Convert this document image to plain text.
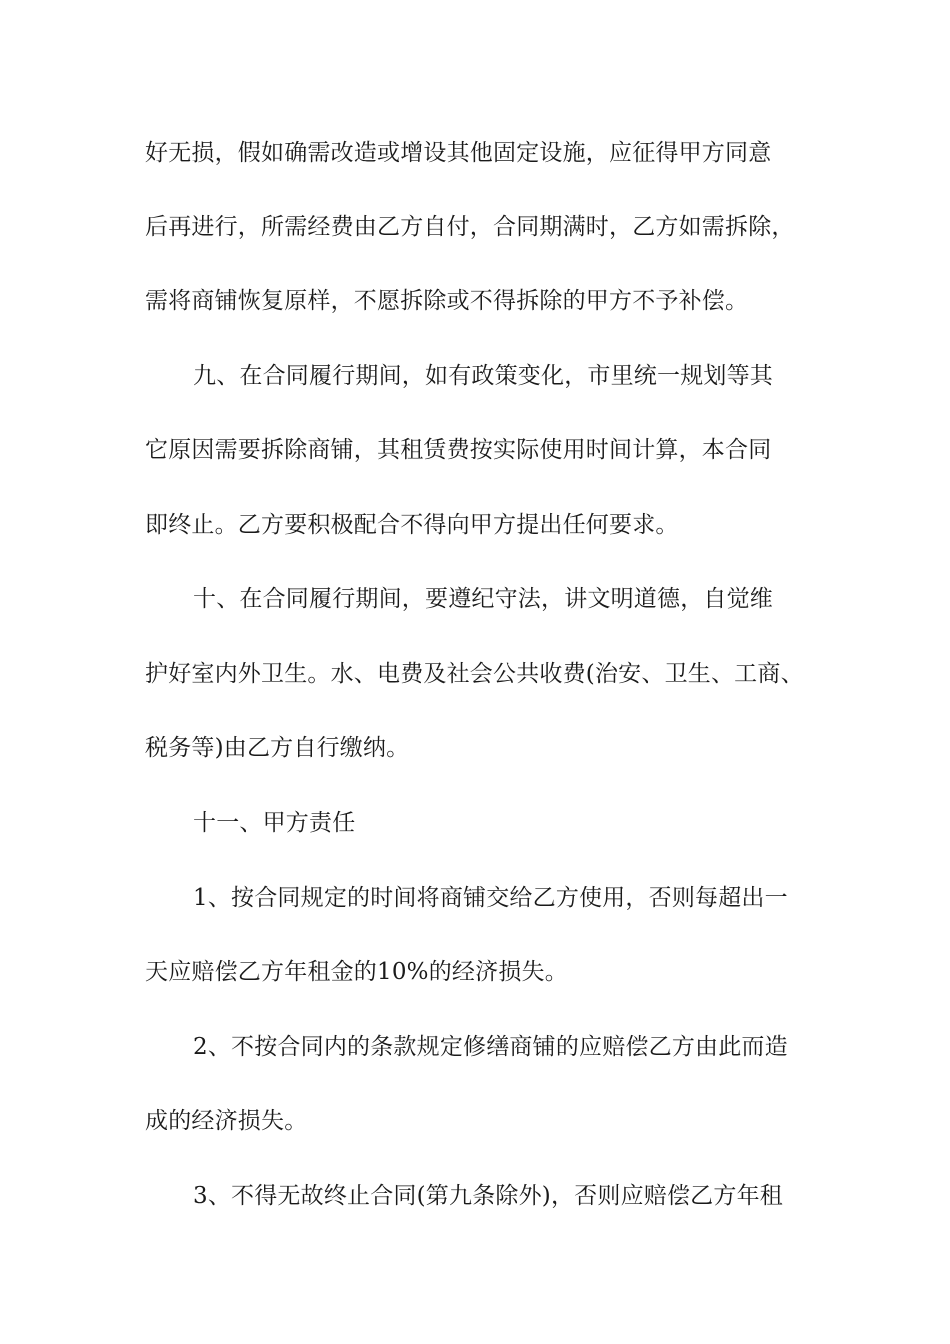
好无损，假如确需改造或增设其他固定设施，应征得甲方同意
后再进行，所需经费由乙方自付，合同期满时，乙方如需拆除，
需将商铺恢复原样，不愿拆除或不得拆除的甲方不予补偿。
九、在合同履行期间，如有政策变化，市里统一规划等其
它原因需要拆除商铺，其租赁费按实际使用时间计算，本合同
即终止。乙方要积极配合不得向甲方提出任何要求。
十、在合同履行期间，要遵纪守法，讲文明道德，自觉维
护好室内外卫生。水、电费及社会公共收费(治安、卫生、工商、
税务等)由乙方自行缴纳。
十一、甲方责任
1、按合同规定的时间将商铺交给乙方使用，否则每超出一
天应赔偿乙方年租金的10%的经济损失。
2、不按合同内的条款规定修缮商铺的应赔偿乙方由此而造
成的经济损失。
3、不得无故终止合同(第九条除外)，否则应赔偿乙方年租
